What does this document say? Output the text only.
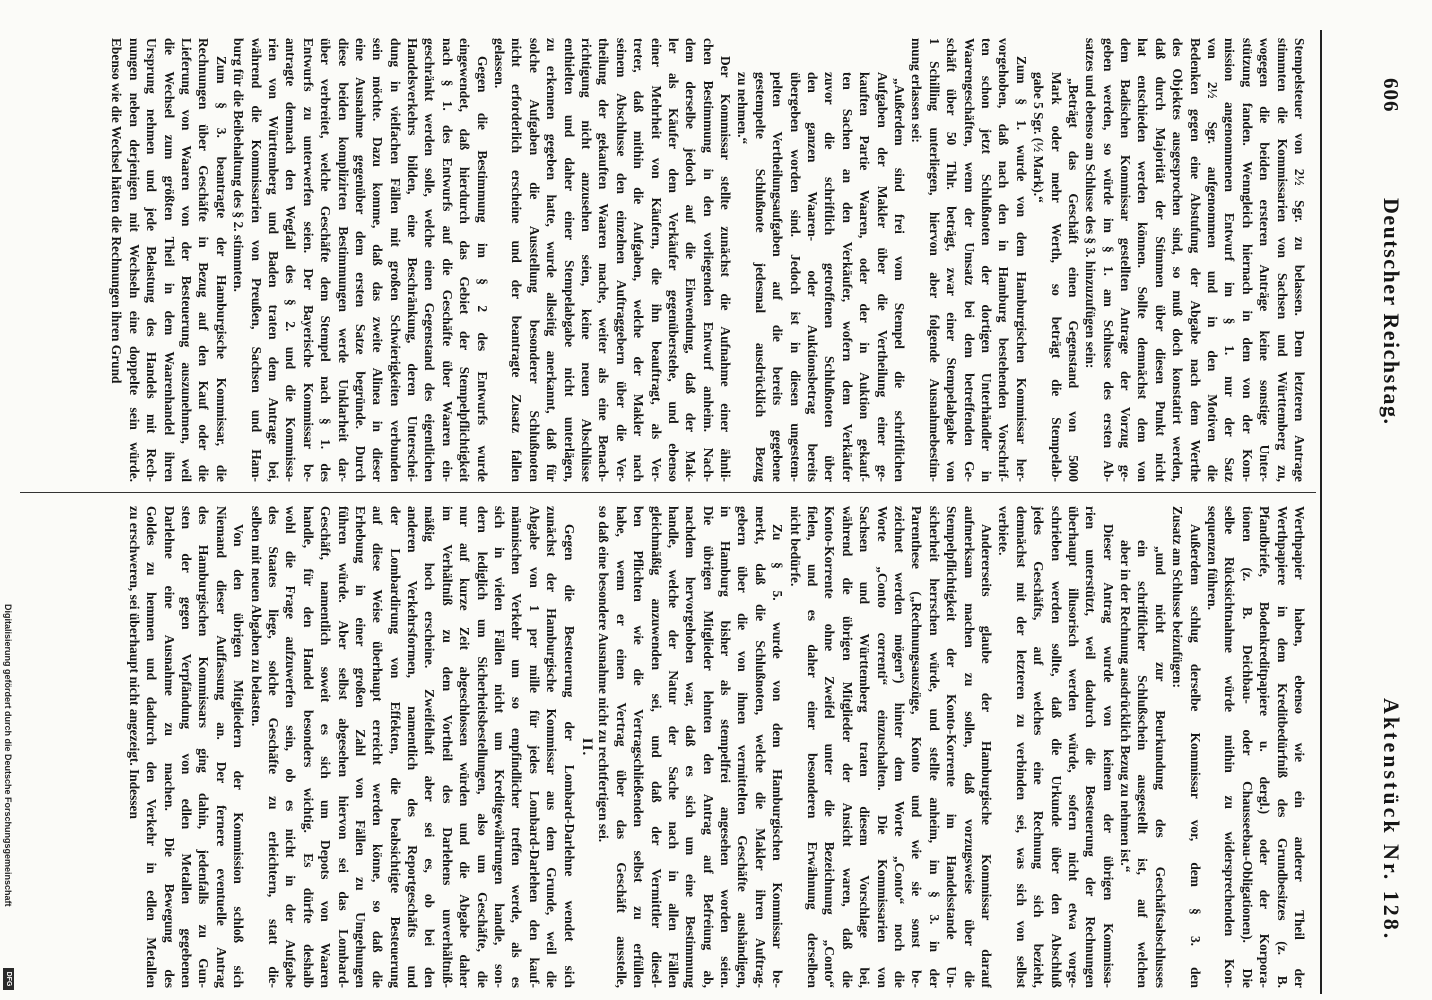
606
Deutscher Reichstag.
Aktenstück Nr. 128.
Stempelsteuer von 2½ Sgr. zu belassen. Dem letzteren Antrage
stimmten die Kommissarien von Sachsen und Württemberg zu,
wogegen die beiden ersteren Anträge keine sonstige Unter-
stützung fanden. Wenngleich hiernach in dem von der Kom-
mission angenommenen Entwurf im § 1. nur der Satz
von 2½ Sgr. aufgenommen und in den Motiven die
Bedenken gegen eine Abstufung der Abgabe nach dem Werthe
des Objektes ausgesprochen sind, so muß doch konstatirt werden,
daß durch Majorität der Stimmen über diesen Punkt nicht
hat entschieden werden können. Sollte demnächst dem von
dem Badischen Kommissar gestellten Antrage der Vorzug ge-
geben werden, so würde im § 1. am Schlusse des ersten Ab-
satzes und ebenso am Schlusse des § 3. hinzuzufügen sein:
„Beträgt das Geschäft einen Gegenstand von 5000
Mark oder mehr Werth, so beträgt die Stempelab-
gabe 5 Sgr. (½ Mark).“
Zum § 1. wurde von dem Hamburgischen Kommissar her-
vorgehoben, daß nach den in Hamburg bestehenden Vorschrif-
ten schon jetzt Schlußnoten der dortigen Unterhändler in
Waarengeschäften, wenn der Umsatz bei dem betreffenden Ge-
schäft über 50 Thlr. beträgt, zwar einer Stempelabgabe von
1 Schilling unterliegen, hiervon aber folgende Ausnahmebestim-
mung erlassen sei:
„Außerdem sind frei vom Stempel die schriftlichen
Aufgaben der Makler über die Vertheilung einer ge-
kauften Partie Waaren, oder der in Auktion gekauf-
ten Sachen an den Verkäufer, wofern dem Verkäufer
zuvor die schriftlich getroffenen Schlußnoten über
den ganzen Waaren- oder Auktionsbetrag bereits
übergeben worden sind. Jedoch ist in diesen ungestem-
pelten Vertheilungsaufgaben auf die bereits gegebene
gestempelte Schlußnote jedesmal ausdrücklich Bezug
zu nehmen.“
Der Kommissar stellte zunächst die Aufnahme einer ähnli-
chen Bestimmung in den vorliegenden Entwurf anheim. Nach-
dem derselbe jedoch auf die Einwendung, daß der Mak-
ler als Käufer dem Verkäufer gegenüberstehe, und ebenso
einer Mehrheit von Käufern, die ihn beauftragt, als Ver-
treter, daß mithin die Aufgaben, welche der Makler nach
seinem Abschlusse den einzelnen Auftraggebern über die Ver-
theilung der gekauften Waaren mache, weiter als eine Benach-
richtigung nicht anzusehen seien, keine neuen Abschlüsse
enthielten und daher einer Stempelabgabe nicht unterlägen,
zu erkennen gegeben hatte, wurde allseitig anerkannt, daß für
solche Aufgaben die Ausstellung besonderer Schlußnoten
nicht erforderlich erscheine und der beantragte Zusatz fallen
gelassen.
Gegen die Bestimmung im § 2 des Entwurfs wurde
eingewendet, daß hierdurch das Gebiet der Stempelpflichtigkeit
nach § 1. des Entwurfs auf die Geschäfte über Waaren ein-
geschränkt werden solle, welche einen Gegenstand des eigentlichen
Handelsverkehrs bilden, eine Beschränkung, deren Unterschei-
dung in vielfachen Fällen mit großen Schwierigkeiten verbunden
sein möchte. Dazu komme, daß das zweite Alinea in dieser
eine Ausnahme gegenüber dem ersten Satze begründe. Durch
diese beiden komplizirten Bestimmungen werde Unklarheit dar-
über verbreitet, welche Geschäfte dem Stempel nach § 1. des
Entwurfs zu unterwerfen seien. Der Bayerische Kommissar be-
antragte demnach den Wegfall des § 2. und die Kommissa-
rien von Württemberg und Baden traten dem Antrage bei,
während die Kommissarien von Preußen, Sachsen und Ham-
burg für die Beibehaltung des § 2. stimmten.
Zum § 3. beantragte der Hamburgische Kommissar, die
Rechnungen über Geschäfte in Bezug auf den Kauf oder die
Lieferung von Waaren von der Besteuerung auszunehmen, weil
die Wechsel zum größten Theil in dem Waarenhandel ihren
Ursprung nehmen und jede Belastung des Handels mit Rech-
nungen neben derjenigen mit Wechseln eine doppelte sein würde.
Ebenso wie die Wechsel hätten die Rechnungen ihren Grund
Werthpapier haben, ebenso wie ein anderer Theil der
Werthpapiere in dem Kreditbedürfniß des Grundbesitzes (z. B.
Pfandbriefe, Bodenkreditpapiere u. dergl.) oder der Korpora-
tionen (z. B. Deichbau- oder Chausseebau-Obligationen). Die
selbe Rücksichtnahme würde mithin zu widersprechenden Kon-
sequenzen führen.
Außerdem schlug derselbe Kommissar vor, dem § 3. den
Zusatz am Schlusse beizufügen:
„und nicht zur Beurkundung des Geschäftsabschlusses
ein schriftlicher Schlußschein ausgestellt ist, auf welchen
aber in der Rechnung ausdrücklich Bezug zu nehmen ist.“
Dieser Antrag wurde von keinem der übrigen Kommissa-
rien unterstützt, weil dadurch die Besteuerung der Rechnungen
überhaupt illusorisch werden würde, sofern nicht etwa vorge-
schrieben werden sollte, daß die Urkunde über den Abschluß
jedes Geschäfts, auf welches eine Rechnung sich bezieht,
demnächst mit der letzteren zu verbinden sei, was sich von selbst
verbiete.
Andererseits glaube der Hamburgische Kommissar darauf
aufmerksam machen zu sollen, daß vorzugsweise über die
Stempelpflichtigkeit der Konto-Korrente im Handelsstande Un-
sicherheit herrschen würde, und stellte anheim, im § 3. in der
Parenthese („Rechnungsauszüge, Konto und wie sie sonst be-
zeichnet werden mögen“) hinter dem Worte „Conto“ noch die
Worte „Conto correnti“ einzuschalten. Die Kommissarien von
Sachsen und Württemberg traten diesem Vorschlage bei,
während die übrigen Mitglieder der Ansicht waren, daß die
Konto-Korrente ohne Zweifel unter die Bezeichnung „Conto“
fielen, und es daher einer besonderen Erwähnung derselben
nicht bedürfe.
Zu § 5. wurde von dem Hamburgischen Kommissar be-
merkt, daß die Schlußnoten, welche die Makler ihren Auftrag-
gebern über die von ihnen vermittelten Geschäfte aushändigen,
in Hamburg bisher als stempelfrei angesehen worden seien.
Die übrigen Mitglieder lehnten den Antrag auf Befreiung ab,
nachdem hervorgehoben war, daß es sich um eine Bestimmung
handle, welche der Natur der Sache nach in allen Fällen
gleichmäßig anzuwenden sei, und daß der Vermittler diesel-
ben Pflichten wie die Vertragschließenden selbst zu erfüllen
habe, wenn er einen Vertrag über das Geschäft ausstelle,
so daß eine besondere Ausnahme nicht zu rechtfertigen sei.
II.
Gegen die Besteuerung der Lombard-Darlehne wendet sich
zunächst der Hamburgische Kommissar aus dem Grunde, weil die
Abgabe von 1 per mille für jedes Lombard-Darlehen den kauf-
männischen Verkehr um so empfindlicher treffen werde, als es
sich in vielen Fällen nicht um Kreditgewährungen handle, son-
dern lediglich um Sicherheitsbestellungen, also um Geschäfte, die
nur auf kurze Zeit abgeschlossen würden und die Abgabe daher
im Verhältniß zu dem Vortheil des Darlehens unverhältniß-
mäßig hoch erscheine. Zweifelhaft aber sei es, ob bei den
anderen Verkehrsformen, namentlich des Reportgeschäfts und
der Lombardirung von Effekten, die beabsichtigte Besteuerung
auf diese Weise überhaupt erreicht werden könne, so daß die
Erhebung in einer großen Zahl von Fällen zu Umgehungen
führen würde. Aber selbst abgesehen hiervon sei das Lombard-
Geschäft, namentlich soweit es sich um Depots von Waaren
handle, für den Handel besonders wichtig. Es dürfte deshalb
wohl die Frage aufzuwerfen sein, ob es nicht in der Aufgabe
des Staates liege, solche Geschäfte zu erleichtern, statt die-
selben mit neuen Abgaben zu belasten.
Von den übrigen Mitgliedern der Kommission schloß sich
Niemand dieser Auffassung an. Der fernere eventuelle Antrag
des Hamburgischen Kommissars ging dahin, jedenfalls zu Gun-
sten der gegen Verpfändung von edlen Metallen gegebenen
Darlehne eine Ausnahme zu machen. Die Bewegung des
Goldes zu hemmen und dadurch den Verkehr in edlen Metallen
zu erschweren, sei überhaupt nicht angezeigt. Indessen
Digitalisierung gefördert durch die Deutsche Forschungsgemeinschaft
DFG
